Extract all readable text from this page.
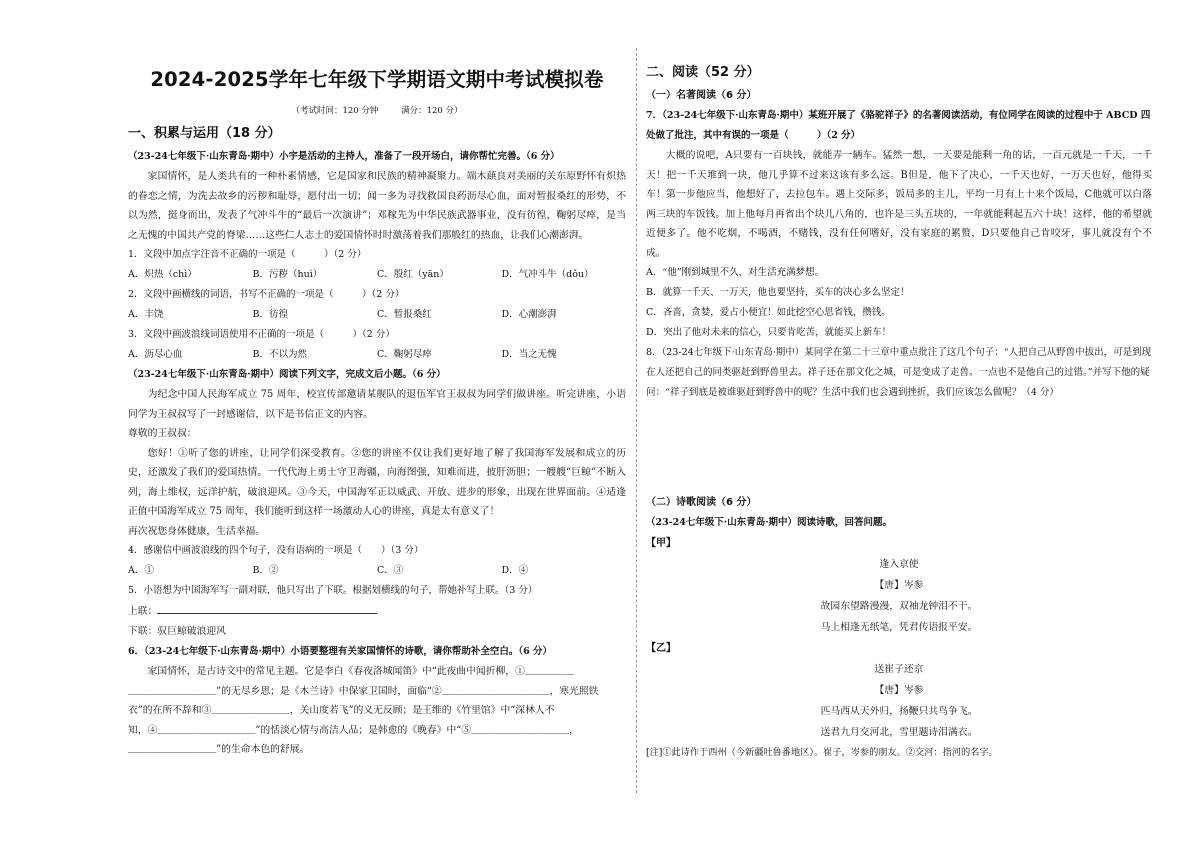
2024-2025学年七年级下学期语文期中考试模拟卷
（考试时间：120 分钟	满分：120 分）
一、积累与运用（18 分）

（23-24七年级下·山东青岛·期中）小宇是活动的主持人，准备了一段开场白，请你帮忙完善。（6 分）

家国情怀，是人类共有的一种朴素情感，它是国家和民族的精神凝聚力。端木蕻良对美丽的关东原野怀有炽热的眷恋之情，为洗去故乡的污秽和耻辱，愿付出一切；闻一多为寻找救国良药沥尽心血，面对暂报桑红的形势，不以为然，挺身而出，发表了气冲斗牛的“最后一次演讲”；邓稼先为中华民族武器事业，没有彷徨，鞠躬尽瘁，是当之无愧的中国共产党的脊梁……这些仁人志士的爱国情怀时时激荡着我们那般红的热血，让我们心潮澎湃。

1．文段中加点字注音不正确的一项是（　　　）（2 分）

A．炽热（chì）	B．污秽（huì）	C．殷红（yān）	D．气冲斗牛（dǒu）

2．文段中画横线的词语，书写不正确的一项是（　　　）（2 分）

A．丰饶	B．彷徨	C．暂报桑红	D．心潮澎湃

3．文段中画波浪线词语使用不正确的一项是（　　　）（2 分）

A．沥尽心血	B．不以为然	C．鞠躬尽瘁	D．当之无愧

（23-24七年级下·山东青岛·期中）阅读下列文字，完成文后小题。（6 分）

为纪念中国人民海军成立 75 周年，校宣传部邀请某舰队的退伍军官王叔叔为同学们做讲座。听完讲座，小语同学为王叔叔写了一封感谢信，以下是书信正文的内容。

尊敬的王叔叔：

您好！①听了您的讲座，让同学们深受教育。②您的讲座不仅让我们更好地了解了我国海军发展和成立的历史，还激发了我们的爱国热情。一代代海上勇士守卫海疆，向海图强，知难而进，披肝沥胆；一艘艘“巨鲸”不断入列，海上维权，远洋护航，破浪迎风。③今天，中国海军正以威武、开放、进步的形象，出现在世界面前。④适逢正值中国海军成立 75 周年，我们能听到这样一场激动人心的讲座，真是太有意义了！

再次祝您身体健康，生活幸福。

4．感谢信中画波浪线的四个句子，没有语病的一项是（　　）（3 分）

A．①	B．②	C．③	D．④

5．小语想为中国海军写一副对联，他只写出了下联。根据划横线的句子，帮她补写上联。（3 分）

上联：
下联：驭巨鲸破浪迎风

6．（23-24七年级下·山东青岛·期中）小语要整理有关家国情怀的诗歌，请你帮助补全空白。（6 分）

家国情怀，是古诗文中的常见主题。它是李白《春夜洛城闻笛》中“此夜曲中闻折柳，①＿＿＿＿＿

＿＿＿＿＿＿＿＿＿”的无尽乡思；是《木兰诗》中保家卫国时，面临“②＿＿＿＿＿＿＿＿＿＿＿，寒光照铁

衣”的在所不辞和③＿＿＿＿＿＿＿＿，关山度若飞”的义无反顾；是王维的《竹里馆》中“深林人不

知，④＿＿＿＿＿＿＿＿＿＿”的恬淡心情与高洁人品；是韩愈的《晚春》中“⑤＿＿＿＿＿＿＿＿＿＿，

＿＿＿＿＿＿＿＿＿”的生命本色的舒展。

二、阅读（52 分）
（一）名著阅读（6 分）

7．（23-24七年级下·山东青岛·期中）某班开展了《骆驼祥子》的名著阅读活动，有位同学在阅读的过程中于 ABCD 四处做了批注，其中有误的一项是（　　　）（2 分）

大概的说吧，A只要有一百块钱，就能弄一辆车。猛然一想，一天要是能剩一角的话，一百元就是一千天，一千天！把一千天堆到一块，他几乎算不过来这该有多么远。B但是，他下了决心，一千天也好，一万天也好，他得买车！第一步他应当，他想好了，去拉包车。遇上交际多，饭局多的主儿，平均一月有上十来个饭局，C他就可以白落两三块的车饭钱。加上他每月再省出个块儿八角的，也许是三头五块的，一年就能剩起五六十块！这样，他的希望就近便多了。他不吃烟，不喝酒，不赌钱，没有任何嗜好，没有家庭的累赘，D只要他自己肯咬牙，事儿就没有个不成。

A．“他”刚到城里不久，对生活充满梦想。

B．就算一千天、一万天，他也要坚持，买车的决心多么坚定！

C．吝啬，贪婪，爱占小便宜！如此挖空心思省钱，攒钱。

D．突出了他对未来的信心，只要肯吃苦，就能买上新车！

8．（23-24七年级下·山东青岛·期中）某同学在第二十三章中重点批注了这几个句子：“人把自己从野兽中拔出，可是到现在人还把自己的同类驱赶到野兽里去。祥子还在那文化之城，可是变成了走兽。一点也不是他自己的过错。”并写下他的疑问：“祥子到底是被谁驱赶到野兽中的呢？生活中我们也会遇到挫折，我们应该怎么做呢？（4 分）

（二）诗歌阅读（6 分）

（23-24七年级下·山东青岛·期中）阅读诗歌，回答问题。

【甲】
逢入京使
【唐】岑参
故园东望路漫漫，双袖龙钟泪不干。
马上相逢无纸笔，凭君传语报平安。
【乙】
送崔子还京
【唐】岑参
匹马西从天外归，扬鞭只共鸟争飞。
送君九月交河北，雪里题诗泪满衣。
[注]①此诗作于西州（今新疆吐鲁番地区）。崔子，岑参的朋友。②交河：指河的名字。
